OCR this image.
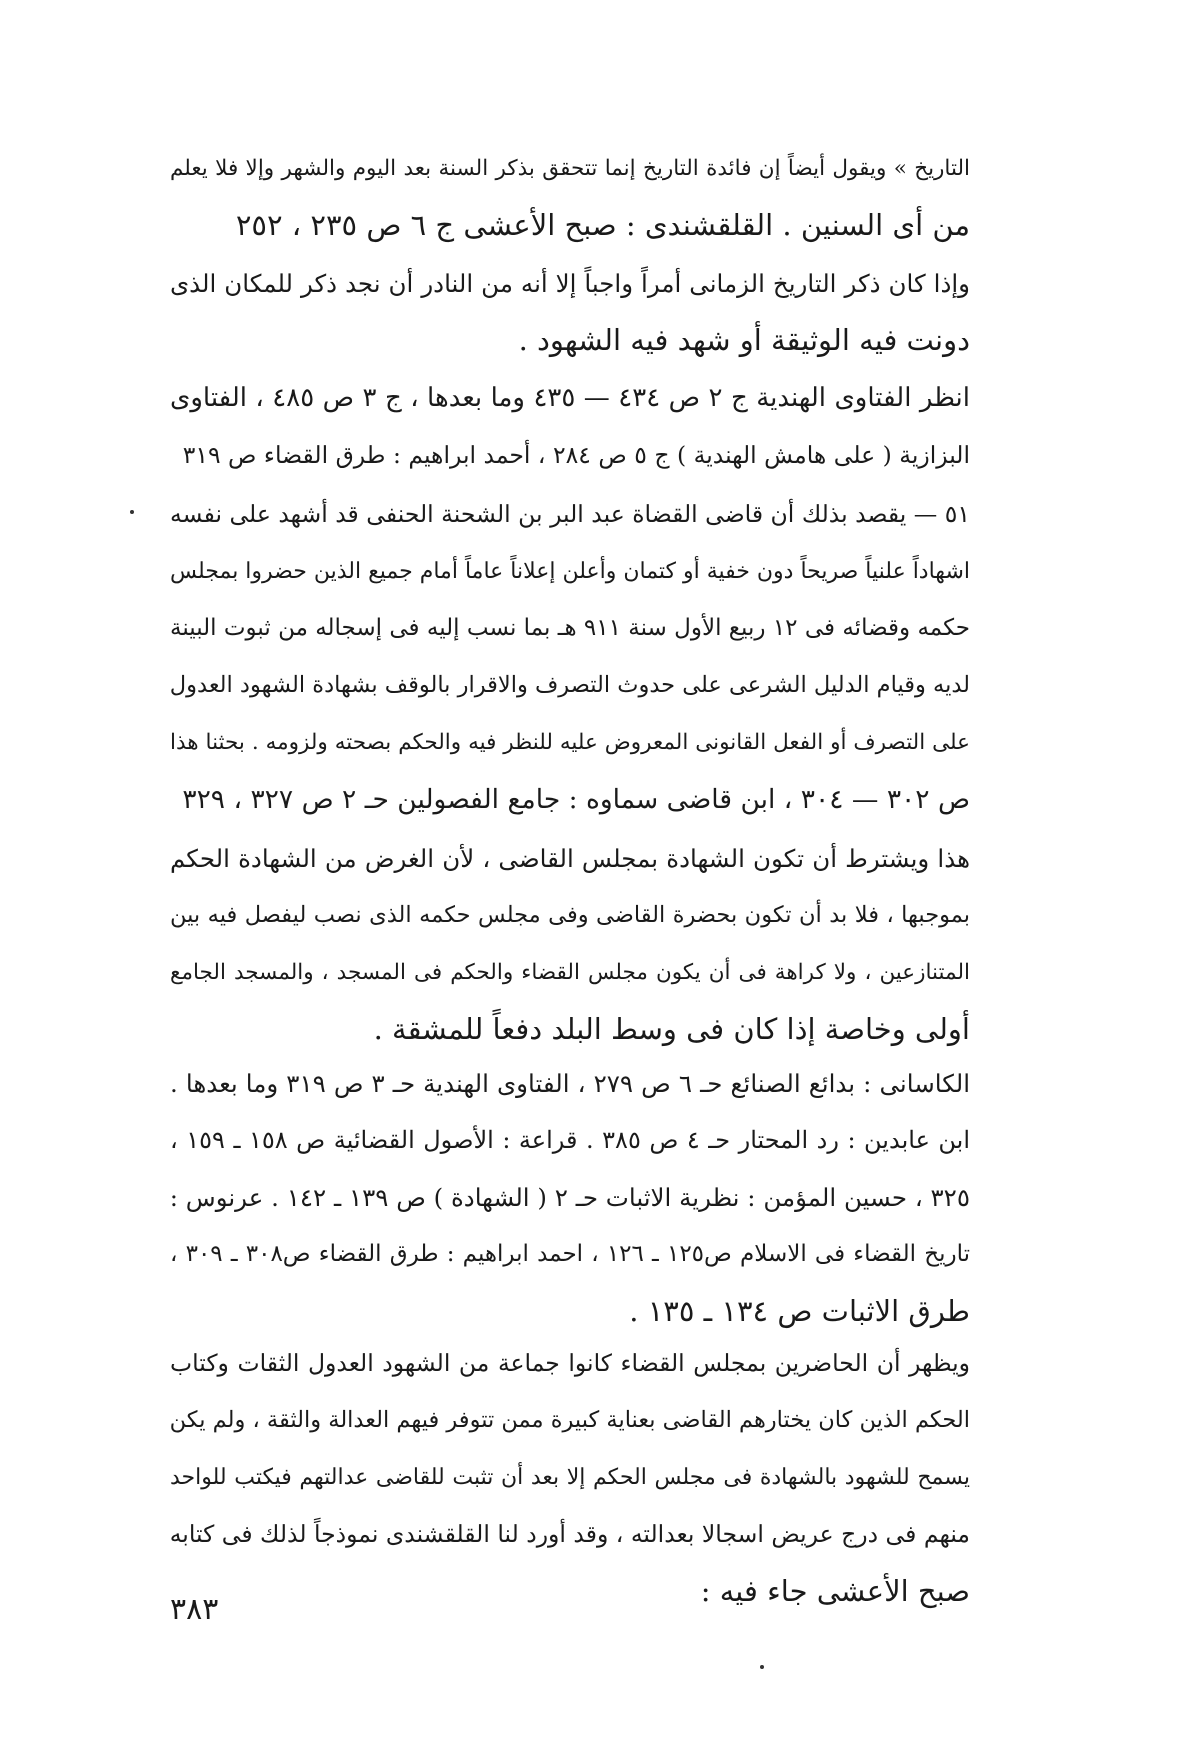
التاريخ » ويقول أيضاً إن فائدة التاريخ إنما تتحقق بذكر السنة بعد اليوم والشهر وإلا فلا يعلم
من أى السنين . القلقشندى : صبح الأعشى ج ٦ ص ٢٣٥ ، ٢٥٢
وإذا كان ذكر التاريخ الزمانى أمراً واجباً إلا أنه من النادر أن نجد ذكر للمكان الذى
دونت فيه الوثيقة أو شهد فيه الشهود .
انظر الفتاوى الهندية ج ٢ ص ٤٣٤ — ٤٣٥ وما بعدها ، ج ٣ ص ٤٨٥ ، الفتاوى
البزازية ( على هامش الهندية ) ج ٥ ص ٢٨٤ ، أحمد ابراهيم : طرق القضاء ص ٣١٩
٥١ — يقصد بذلك أن قاضى القضاة عبد البر بن الشحنة الحنفى قد أشهد على نفسه
اشهاداً علنياً صريحاً دون خفية أو كتمان وأعلن إعلاناً عاماً أمام جميع الذين حضروا بمجلس
حكمه وقضائه فى ١٢ ربيع الأول سنة ٩١١ هـ بما نسب إليه فى إسجاله من ثبوت البينة
لديه وقيام الدليل الشرعى على حدوث التصرف والاقرار بالوقف بشهادة الشهود العدول
على التصرف أو الفعل القانونى المعروض عليه للنظر فيه والحكم بصحته ولزومه . بحثنا هذا
ص ٣٠٢ — ٣٠٤ ، ابن قاضى سماوه : جامع الفصولين حـ ٢ ص ٣٢٧ ، ٣٢٩
هذا ويشترط أن تكون الشهادة بمجلس القاضى ، لأن الغرض من الشهادة الحكم
بموجبها ، فلا بد أن تكون بحضرة القاضى وفى مجلس حكمه الذى نصب ليفصل فيه بين
المتنازعين ، ولا كراهة فى أن يكون مجلس القضاء والحكم فى المسجد ، والمسجد الجامع
أولى وخاصة إذا كان فى وسط البلد دفعاً للمشقة .
الكاسانى : بدائع الصنائع حـ ٦ ص ٢٧٩ ، الفتاوى الهندية حـ ٣ ص ٣١٩ وما بعدها .
ابن عابدين : رد المحتار حـ ٤ ص ٣٨٥ . قراعة : الأصول القضائية ص ١٥٨ ـ ١٥٩ ،
٣٢٥ ، حسين المؤمن : نظرية الاثبات حـ ٢ ( الشهادة ) ص ١٣٩ ـ ١٤٢ . عرنوس :
تاريخ القضاء فى الاسلام ص١٢٥ ـ ١٢٦ ، احمد ابراهيم : طرق القضاء ص٣٠٨ ـ ٣٠٩ ،
طرق الاثبات ص ١٣٤ ـ ١٣٥ .
ويظهر أن الحاضرين بمجلس القضاء كانوا جماعة من الشهود العدول الثقات وكتاب
الحكم الذين كان يختارهم القاضى بعناية كبيرة ممن تتوفر فيهم العدالة والثقة ، ولم يكن
يسمح للشهود بالشهادة فى مجلس الحكم إلا بعد أن تثبت للقاضى عدالتهم فيكتب للواحد
منهم فى درج عريض اسجالا بعدالته ، وقد أورد لنا القلقشندى نموذجاً لذلك فى كتابه
صبح الأعشى جاء فيه :
٣٨٣
